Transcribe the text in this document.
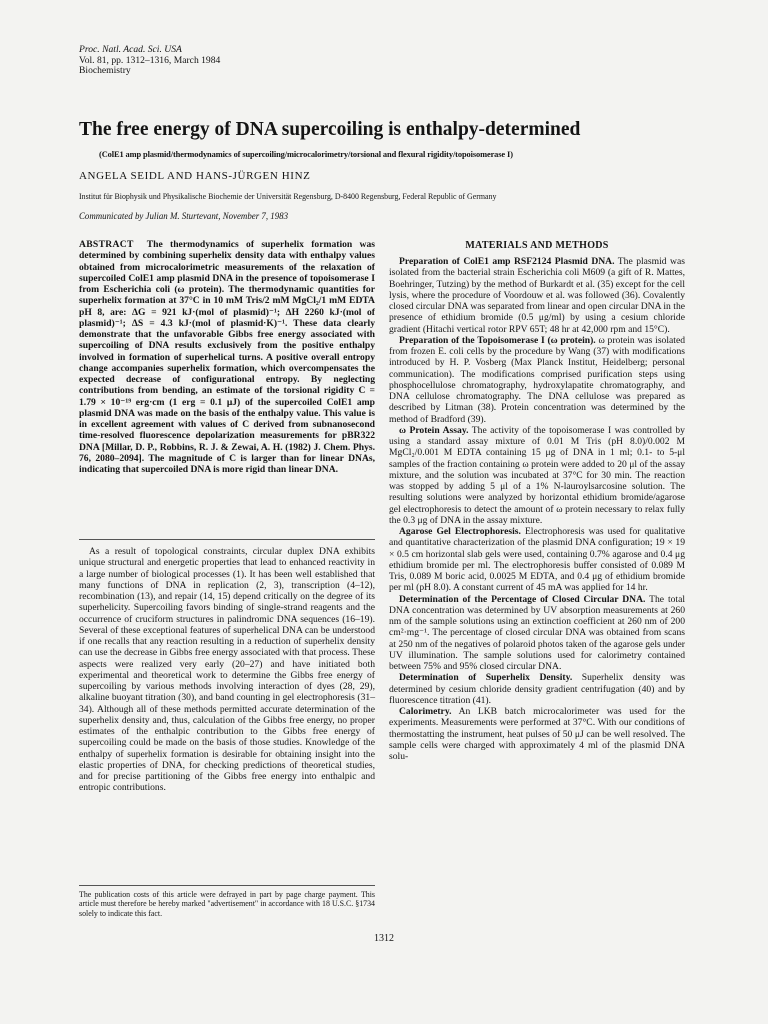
Proc. Natl. Acad. Sci. USA
Vol. 81, pp. 1312–1316, March 1984
Biochemistry
The free energy of DNA supercoiling is enthalpy-determined
(ColE1 amp plasmid/thermodynamics of supercoiling/microcalorimetry/torsional and flexural rigidity/topoisomerase I)
ANGELA SEIDL AND HANS-JÜRGEN HINZ
Institut für Biophysik und Physikalische Biochemie der Universität Regensburg, D-8400 Regensburg, Federal Republic of Germany
Communicated by Julian M. Sturtevant, November 7, 1983
ABSTRACT The thermodynamics of superhelix formation was determined by combining superhelix density data with enthalpy values obtained from microcalorimetric measurements of the relaxation of supercoiled ColE1 amp plasmid DNA in the presence of topoisomerase I from Escherichia coli (ω protein). The thermodynamic quantities for superhelix formation at 37°C in 10 mM Tris/2 mM MgCl₂/1 mM EDTA pH 8, are: ΔG = 921 kJ·(mol of plasmid)⁻¹; ΔH 2260 kJ·(mol of plasmid)⁻¹; ΔS = 4.3 kJ·(mol of plasmid·K)⁻¹. These data clearly demonstrate that the unfavorable Gibbs free energy associated with supercoiling of DNA results exclusively from the positive enthalpy involved in formation of superhelical turns. A positive overall entropy change accompanies superhelix formation, which overcompensates the expected decrease of configurational entropy. By neglecting contributions from bending, an estimate of the torsional rigidity C = 1.79 × 10⁻¹⁹ erg·cm (1 erg = 0.1 μJ) of the supercoiled ColE1 amp plasmid DNA was made on the basis of the enthalpy value. This value is in excellent agreement with values of C derived from subnanosecond time-resolved fluorescence depolarization measurements for pBR322 DNA [Millar, D. P., Robbins, R. J. & Zewai, A. H. (1982) J. Chem. Phys. 76, 2080–2094]. The magnitude of C is larger than for linear DNAs, indicating that supercoiled DNA is more rigid than linear DNA.

As a result of topological constraints, circular duplex DNA exhibits unique structural and energetic properties that lead to enhanced reactivity in a large number of biological processes (1). It has been well established that many functions of DNA in replication (2, 3), transcription (4–12), recombination (13), and repair (14, 15) depend critically on the degree of its superhelicity. Supercoiling favors binding of single-strand reagents and the occurrence of cruciform structures in palindromic DNA sequences (16–19). Several of these exceptional features of superhelical DNA can be understood if one recalls that any reaction resulting in a reduction of superhelix density can use the decrease in Gibbs free energy associated with that process. These aspects were realized very early (20–27) and have initiated both experimental and theoretical work to determine the Gibbs free energy of supercoiling by various methods involving interaction of dyes (28, 29), alkaline buoyant titration (30), and band counting in gel electrophoresis (31–34). Although all of these methods permitted accurate determination of the superhelix density and, thus, calculation of the Gibbs free energy, no proper estimates of the enthalpic contribution to the Gibbs free energy of supercoiling could be made on the basis of those studies. Knowledge of the enthalpy of superhelix formation is desirable for obtaining insight into the elastic properties of DNA, for checking predictions of theoretical studies, and for precise partitioning of the Gibbs free energy into enthalpic and entropic contributions.

The publication costs of this article were defrayed in part by page charge payment. This article must therefore be hereby marked "advertisement" in accordance with 18 U.S.C. §1734 solely to indicate this fact.
MATERIALS AND METHODS

Preparation of ColE1 amp RSF2124 Plasmid DNA. The plasmid was isolated from the bacterial strain Escherichia coli M609 (a gift of R. Mattes, Boehringer, Tutzing) by the method of Burkardt et al. (35) except for the cell lysis, where the procedure of Voordouw et al. was followed (36). Covalently closed circular DNA was separated from linear and open circular DNA in the presence of ethidium bromide (0.5 μg/ml) by using a cesium chloride gradient (Hitachi vertical rotor RPV 65T; 48 hr at 42,000 rpm and 15°C).

Preparation of the Topoisomerase I (ω protein). ω protein was isolated from frozen E. coli cells by the procedure by Wang (37) with modifications introduced by H. P. Vosberg (Max Planck Institut, Heidelberg; personal communication). The modifications comprised purification steps using phosphocellulose chromatography, hydroxylapatite chromatography, and DNA cellulose chromatography. The DNA cellulose was prepared as described by Litman (38). Protein concentration was determined by the method of Bradford (39).

ω Protein Assay. The activity of the topoisomerase I was controlled by using a standard assay mixture of 0.01 M Tris (pH 8.0)/0.002 M MgCl₂/0.001 M EDTA containing 15 μg of DNA in 1 ml; 0.1- to 5-μl samples of the fraction containing ω protein were added to 20 μl of the assay mixture, and the solution was incubated at 37°C for 30 min. The reaction was stopped by adding 5 μl of a 1% N-lauroylsarcosine solution. The resulting solutions were analyzed by horizontal ethidium bromide/agarose gel electrophoresis to detect the amount of ω protein necessary to relax fully the 0.3 μg of DNA in the assay mixture.

Agarose Gel Electrophoresis. Electrophoresis was used for qualitative and quantitative characterization of the plasmid DNA configuration; 19 × 19 × 0.5 cm horizontal slab gels were used, containing 0.7% agarose and 0.4 μg ethidium bromide per ml. The electrophoresis buffer consisted of 0.089 M Tris, 0.089 M boric acid, 0.0025 M EDTA, and 0.4 μg of ethidium bromide per ml (pH 8.0). A constant current of 45 mA was applied for 14 hr.

Determination of the Percentage of Closed Circular DNA. The total DNA concentration was determined by UV absorption measurements at 260 nm of the sample solutions using an extinction coefficient at 260 nm of 200 cm²·mg⁻¹. The percentage of closed circular DNA was obtained from scans at 250 nm of the negatives of polaroid photos taken of the agarose gels under UV illumination. The sample solutions used for calorimetry contained between 75% and 95% closed circular DNA.

Determination of Superhelix Density. Superhelix density was determined by cesium chloride density gradient centrifugation (40) and by fluorescence titration (41).

Calorimetry. An LKB batch microcalorimeter was used for the experiments. Measurements were performed at 37°C. With our conditions of thermostatting the instrument, heat pulses of 50 μJ can be well resolved. The sample cells were charged with approximately 4 ml of the plasmid DNA solu-

1312
